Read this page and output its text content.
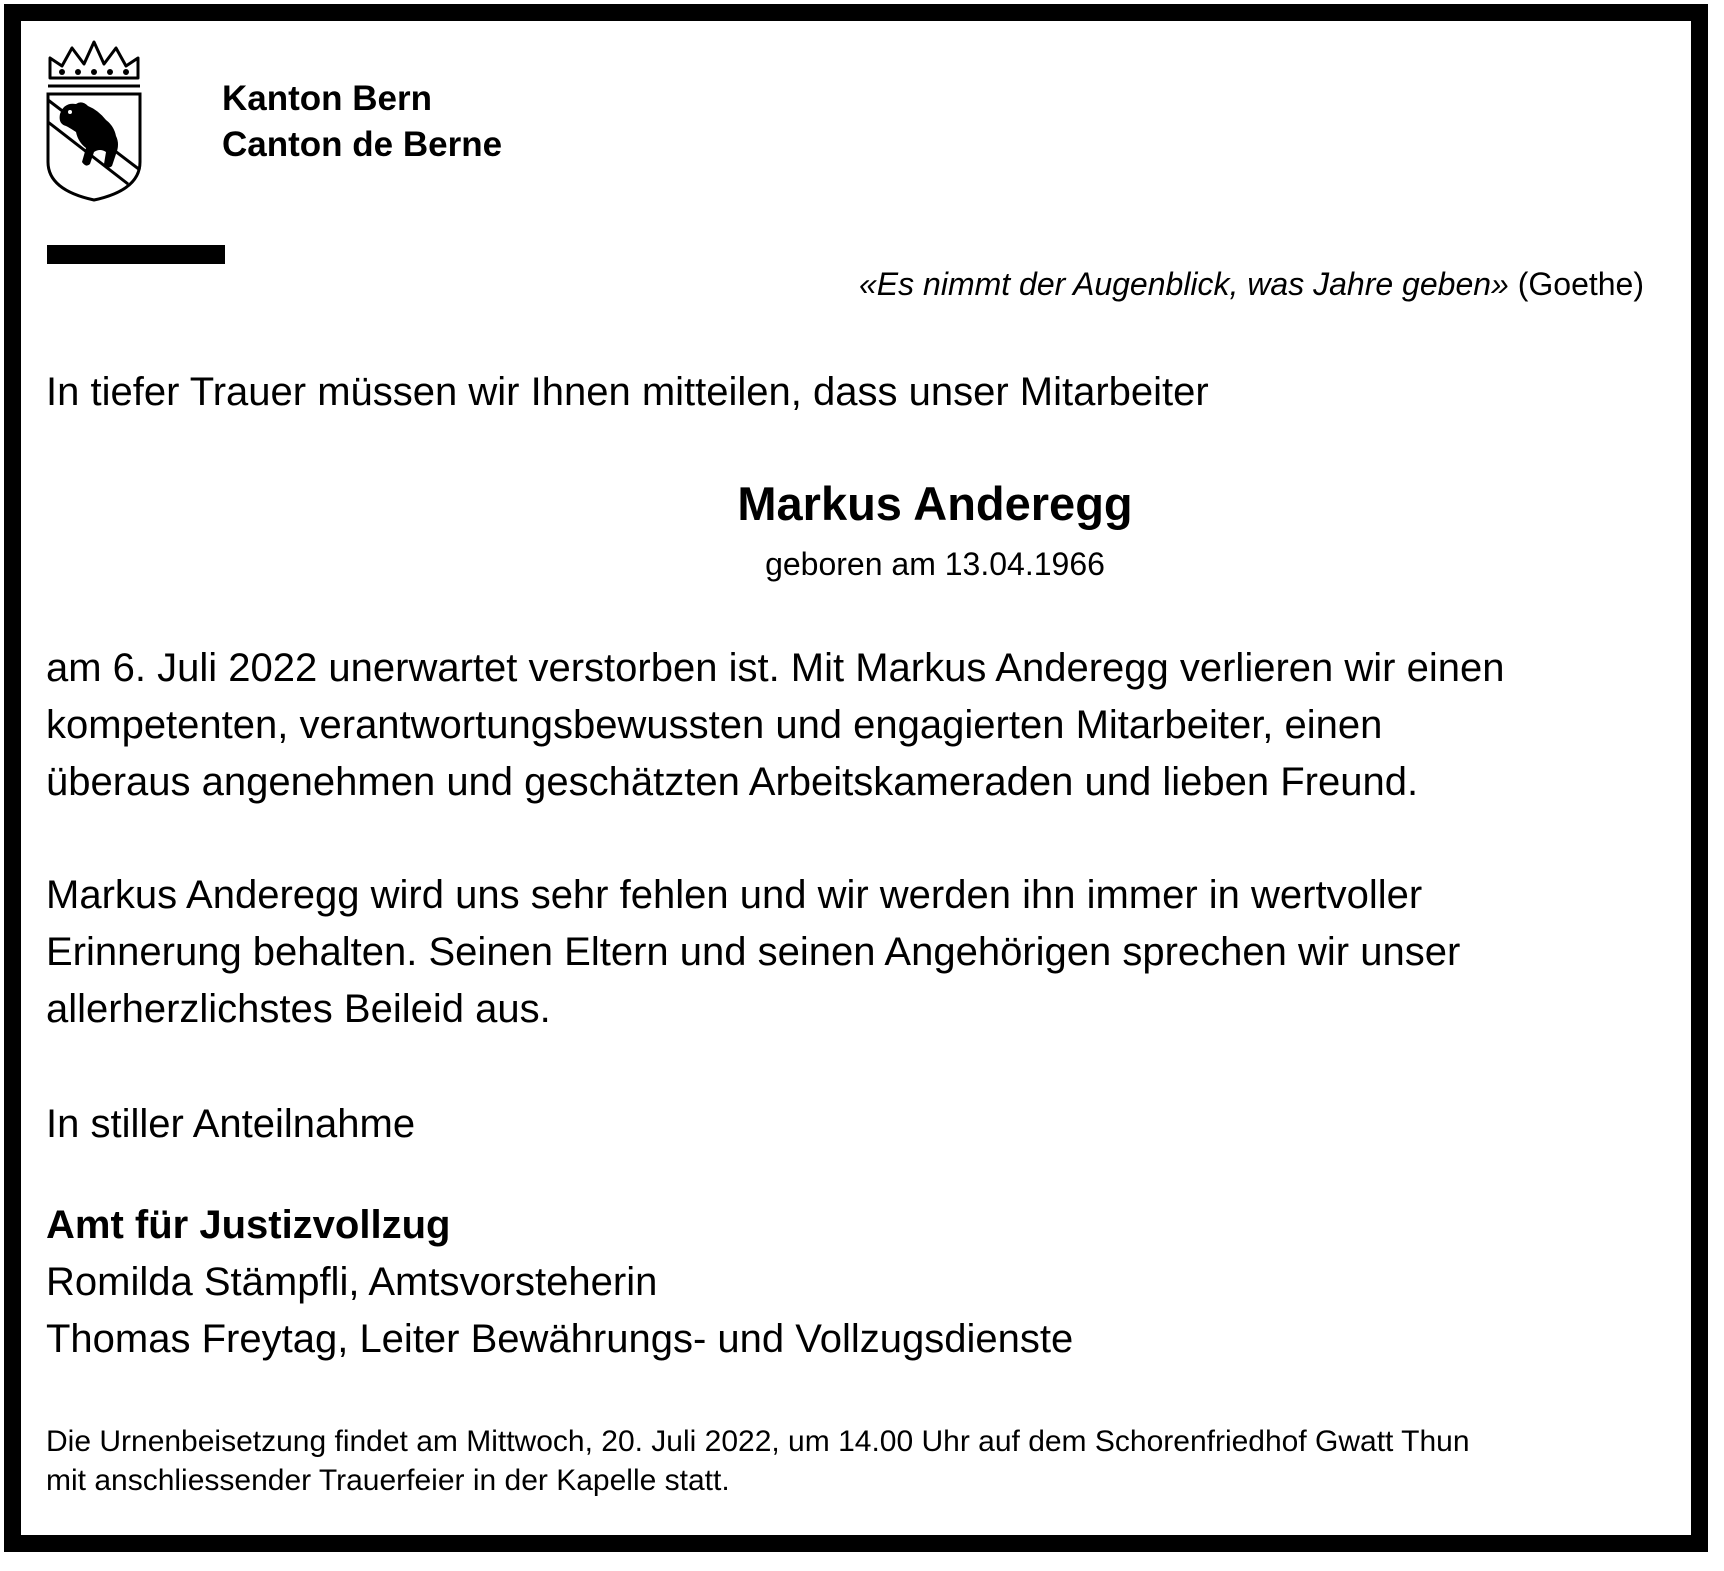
Kanton Bern
Canton de Berne
«Es nimmt der Augenblick, was Jahre geben» (Goethe)
In tiefer Trauer müssen wir Ihnen mitteilen, dass unser Mitarbeiter
Markus Anderegg
geboren am 13.04.1966
am 6. Juli 2022 unerwartet verstorben ist. Mit Markus Anderegg verlieren wir einen
kompetenten, verantwortungsbewussten und engagierten Mitarbeiter, einen
überaus angenehmen und geschätzten Arbeitskameraden und lieben Freund.
Markus Anderegg wird uns sehr fehlen und wir werden ihn immer in wertvoller
Erinnerung behalten. Seinen Eltern und seinen Angehörigen sprechen wir unser
allerherzlichstes Beileid aus.
In stiller Anteilnahme
Amt für Justizvollzug
Romilda Stämpfli, Amtsvorsteherin
Thomas Freytag, Leiter Bewährungs- und Vollzugsdienste
Die Urnenbeisetzung findet am Mittwoch, 20. Juli 2022, um 14.00 Uhr auf dem Schorenfriedhof Gwatt Thun
mit anschliessender Trauerfeier in der Kapelle statt.
